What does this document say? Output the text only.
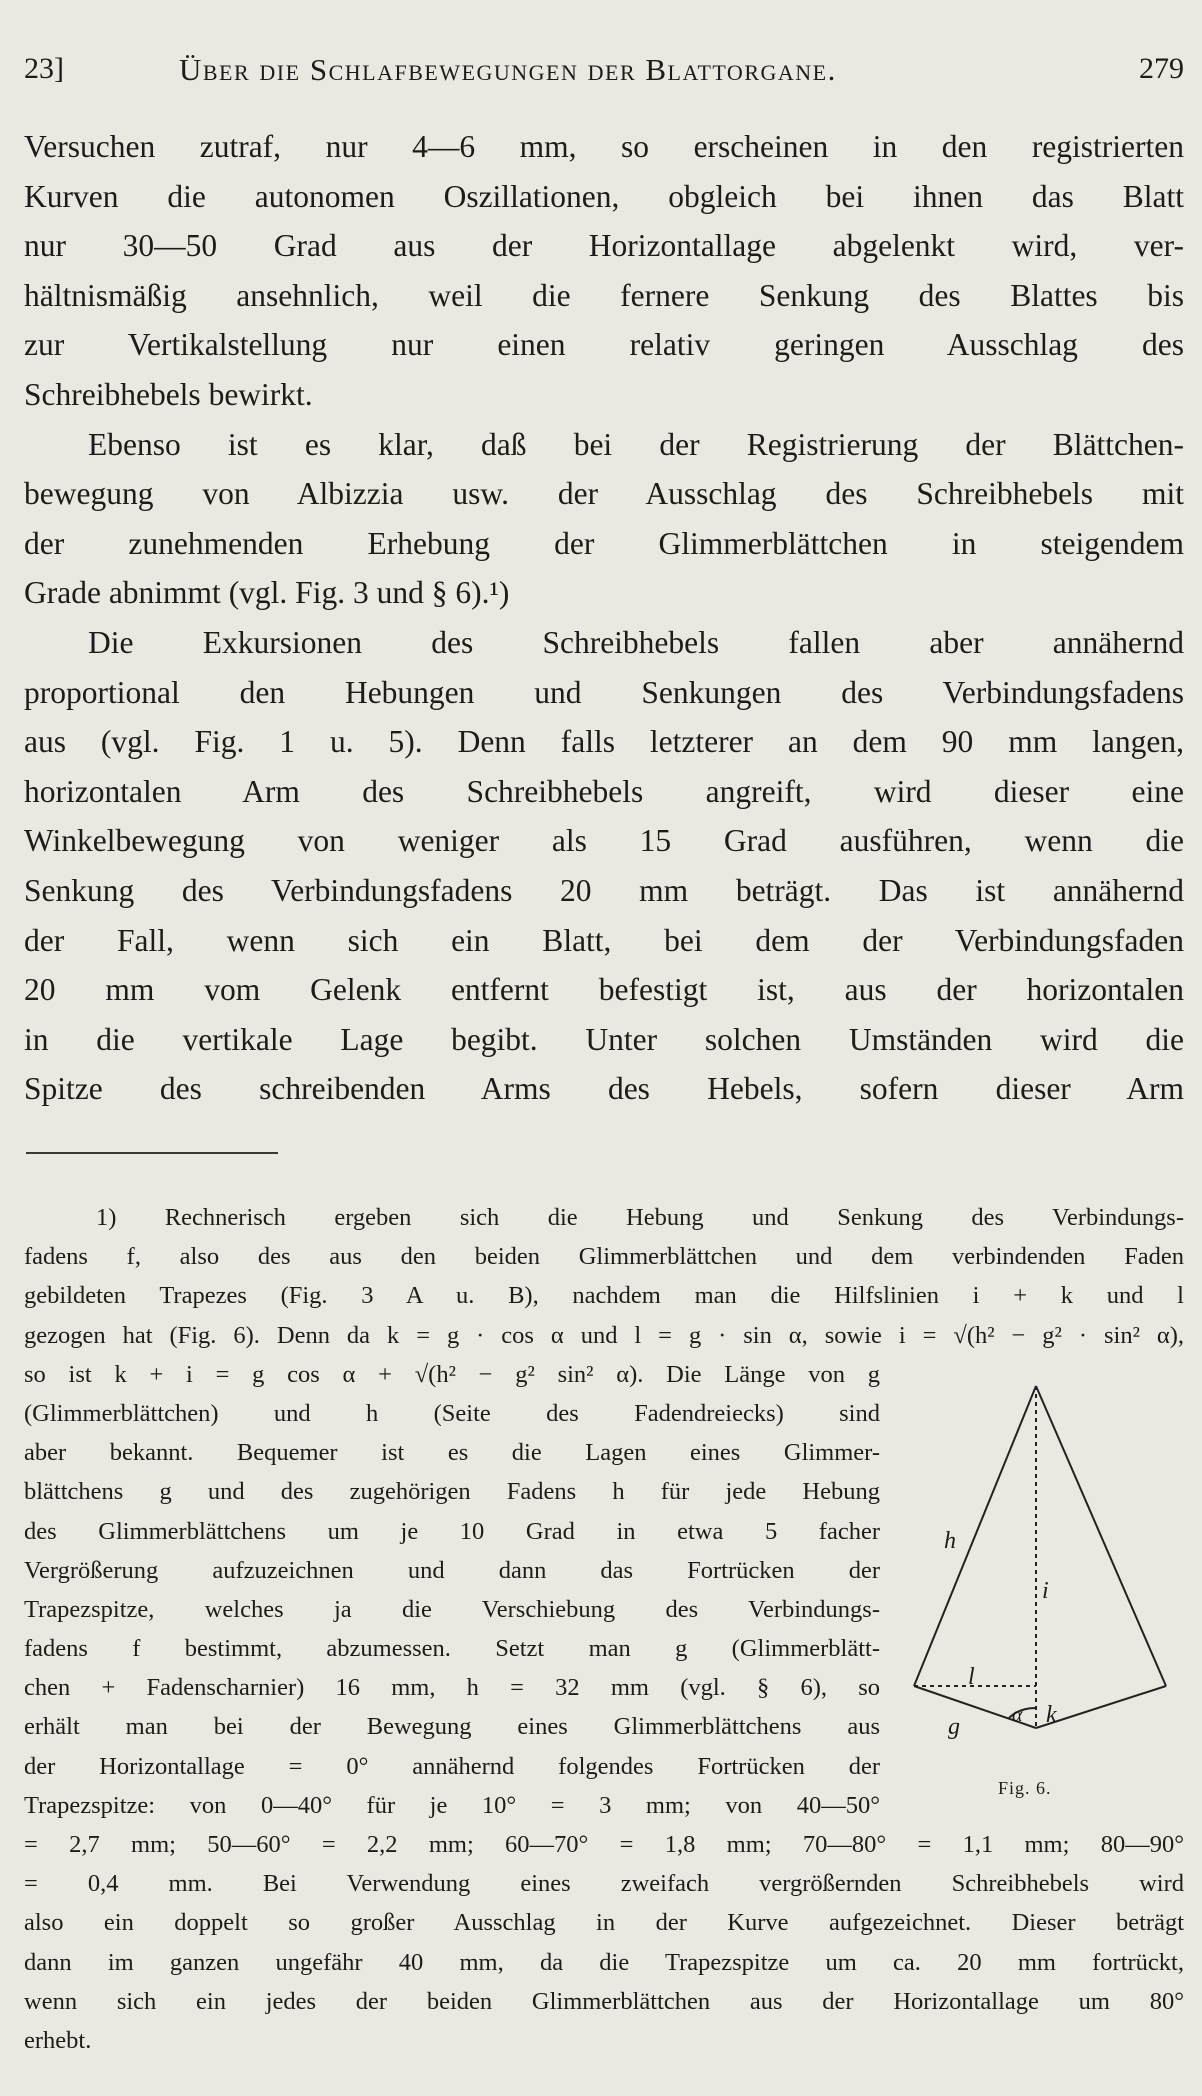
23]	Über die Schlafbewegungen der Blattorgane.	279
Versuchen zutraf, nur 4—6 mm, so erscheinen in den registrierten
Kurven die autonomen Oszillationen, obgleich bei ihnen das Blatt
nur 30—50 Grad aus der Horizontallage abgelenkt wird, ver-
hältnismäßig ansehnlich, weil die fernere Senkung des Blattes bis
zur Vertikalstellung nur einen relativ geringen Ausschlag des
Schreibhebels bewirkt.
Ebenso ist es klar, daß bei der Registrierung der Blättchen-
bewegung von Albizzia usw. der Ausschlag des Schreibhebels mit
der zunehmenden Erhebung der Glimmerblättchen in steigendem
Grade abnimmt (vgl. Fig. 3 und § 6).¹)
Die Exkursionen des Schreibhebels fallen aber annähernd
proportional den Hebungen und Senkungen des Verbindungsfadens
aus (vgl. Fig. 1 u. 5). Denn falls letzterer an dem 90 mm langen,
horizontalen Arm des Schreibhebels angreift, wird dieser eine
Winkelbewegung von weniger als 15 Grad ausführen, wenn die
Senkung des Verbindungsfadens 20 mm beträgt. Das ist annähernd
der Fall, wenn sich ein Blatt, bei dem der Verbindungsfaden
20 mm vom Gelenk entfernt befestigt ist, aus der horizontalen
in die vertikale Lage begibt. Unter solchen Umständen wird die
Spitze des schreibenden Arms des Hebels, sofern dieser Arm
1) Rechnerisch ergeben sich die Hebung und Senkung des Verbindungs-
fadens f, also des aus den beiden Glimmerblättchen und dem verbindenden Faden
gebildeten Trapezes (Fig. 3 A u. B), nachdem man die Hilfslinien i + k und l
gezogen hat (Fig. 6). Denn da k = g · cos α und l = g · sin α, sowie i = √(h² − g² · sin² α),
so ist k + i = g cos α + √(h² − g² sin² α). Die Länge von g
(Glimmerblättchen) und h (Seite des Fadendreiecks) sind
aber bekannt. Bequemer ist es die Lagen eines Glimmer-
blättchens g und des zugehörigen Fadens h für jede Hebung
des Glimmerblättchens um je 10 Grad in etwa 5 facher
Vergrößerung aufzuzeichnen und dann das Fortrücken der
Trapezspitze, welches ja die Verschiebung des Verbindungs-
fadens f bestimmt, abzumessen. Setzt man g (Glimmerblätt-
chen + Fadenscharnier) 16 mm, h = 32 mm (vgl. § 6), so
erhält man bei der Bewegung eines Glimmerblättchens aus
der Horizontallage = 0° annähernd folgendes Fortrücken der
Trapezspitze: von 0—40° für je 10° = 3 mm; von 40—50°
= 2,7 mm; 50—60° = 2,2 mm; 60—70° = 1,8 mm; 70—80° = 1,1 mm; 80—90°
= 0,4 mm. Bei Verwendung eines zweifach vergrößernden Schreibhebels wird
also ein doppelt so großer Ausschlag in der Kurve aufgezeichnet. Dieser beträgt
dann im ganzen ungefähr 40 mm, da die Trapezspitze um ca. 20 mm fortrückt,
wenn sich ein jedes der beiden Glimmerblättchen aus der Horizontallage um 80°
erhebt.
h
i
l
g	α k
Fig. 6.
